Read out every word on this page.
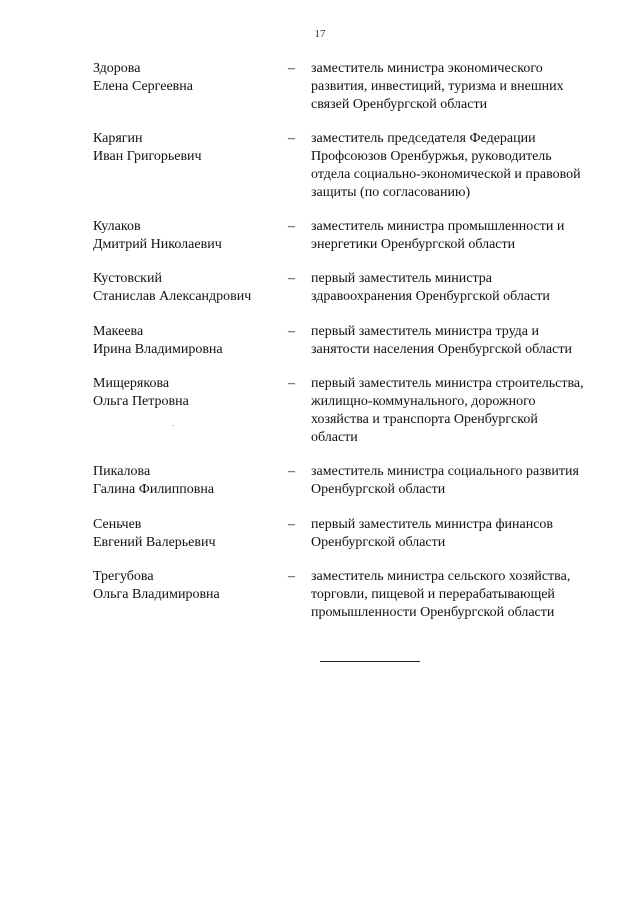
17
Здорова
Елена Сергеевна
–	заместитель министра экономического
развития, инвестиций, туризма и внешних
связей Оренбургской области
Карягин
Иван Григорьевич
–	заместитель председателя Федерации
Профсоюзов Оренбуржья, руководитель
отдела социально-экономической и правовой
защиты (по согласованию)
Кулаков
Дмитрий Николаевич
–	заместитель министра промышленности и
энергетики Оренбургской области
Кустовский
Станислав Александрович
–	первый заместитель министра
здравоохранения Оренбургской области
Макеева
Ирина Владимировна
–	первый заместитель министра труда и
занятости населения Оренбургской области
Мищерякова
Ольга Петровна
–	первый заместитель министра строительства,
жилищно-коммунального, дорожного
хозяйства и транспорта Оренбургской
области
Пикалова
Галина Филипповна
–	заместитель министра социального развития
Оренбургской области
Сеньчев
Евгений Валерьевич
–	первый заместитель министра финансов
Оренбургской области
Трегубова
Ольга Владимировна
–	заместитель министра сельского хозяйства,
торговли, пищевой и перерабатывающей
промышленности Оренбургской области
